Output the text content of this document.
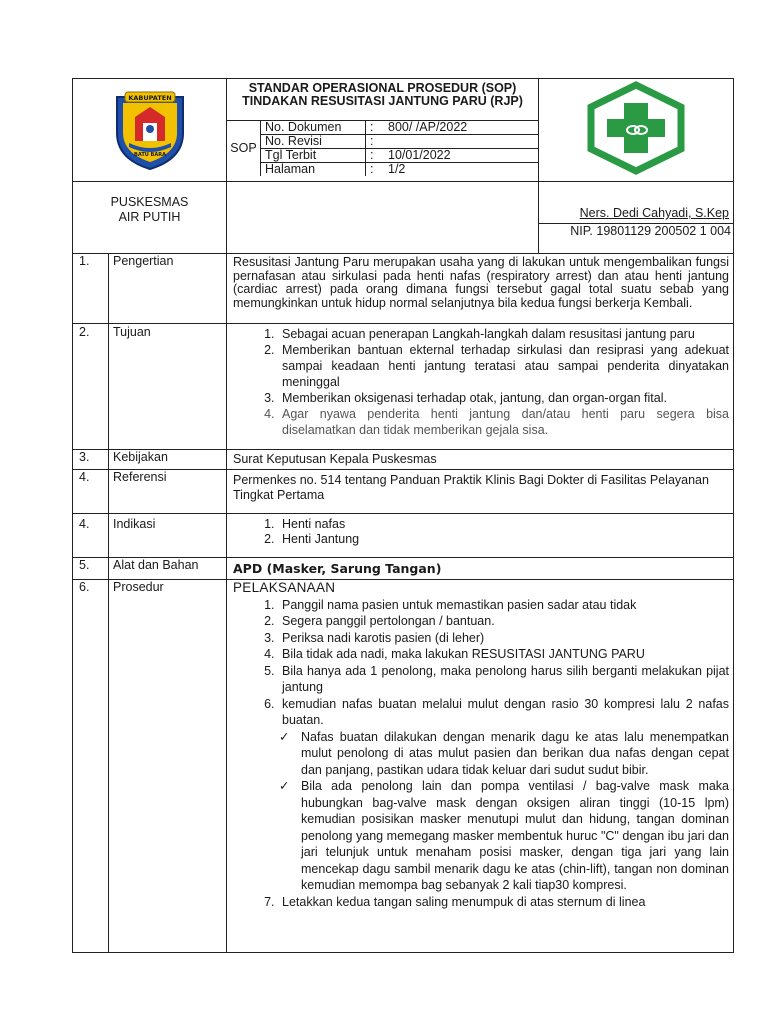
KABUPATEN
BATU BARA

STANDAR OPERASIONAL PROSEDUR (SOP) TINDAKAN RESUSITASI JANTUNG PARU (RJP)
SOP	
No. Dokumen	:	800/ /AP/2022
No. Revisi	:	
Tgl Terbit	:	10/01/2022
Halaman	:	1/2

PUSKESMAS
AIR PUTIH		Ners. Dedi Cahyadi, S.Kep
NIP. 19801129 200502 1 004

1.	Pengertian	Resusitasi Jantung Paru merupakan usaha yang di lakukan untuk mengembalikan fungsi pernafasan atau sirkulasi pada henti nafas (respiratory arrest) dan atau henti jantung (cardiac arrest) pada orang dimana fungsi tersebut gagal total suatu sebab yang memungkinkan untuk hidup normal selanjutnya bila kedua fungsi berkerja Kembali.
2.	Tujuan	
1.Sebagai acuan penerapan Langkah-langkah dalam resusitasi jantung paru
2. Memberikan bantuan ekternal terhadap sirkulasi dan resiprasi yang adekuat sampai keadaan henti jantung teratasi atau sampai penderita dinyatakan meninggal
3. Memberikan oksigenasi terhadap otak, jantung, dan organ-organ fital.
4. Agar nyawa penderita henti jantung dan/atau henti paru segera bisa diselamatkan dan tidak memberikan gejala sisa.

3.	Kebijakan	Surat Keputusan Kepala Puskesmas
4.	Referensi	Permenkes no. 514 tentang Panduan Praktik Klinis Bagi Dokter di Fasilitas Pelayanan Tingkat Pertama
4.	Indikasi	
1.Henti nafas
2. Henti Jantung

5.	Alat dan Bahan	APD (Masker, Sarung Tangan)
6.	Prosedur	PELAKSANAAN
1. Panggil nama pasien untuk memastikan pasien sadar atau tidak
2. Segera panggil pertolongan / bantuan.
3. Periksa nadi karotis pasien (di leher)
4. Bila tidak ada nadi, maka lakukan RESUSITASI JANTUNG PARU
5. Bila hanya ada 1 penolong, maka penolong harus silih berganti melakukan pijat jantung
6. kemudian nafas buatan melalui mulut dengan rasio 30 kompresi lalu 2 nafas buatan.
✓ Nafas buatan dilakukan dengan menarik dagu ke atas lalu menempatkan mulut penolong di atas mulut pasien dan berikan dua nafas dengan cepat dan panjang, pastikan udara tidak keluar dari sudut sudut bibir.
✓ Bila ada penolong lain dan pompa ventilasi / bag-valve mask maka hubungkan bag-valve mask dengan oksigen aliran tinggi (10-15 lpm) kemudian posisikan masker menutupi mulut dan hidung, tangan dominan penolong yang memegang masker membentuk huruc "C" dengan ibu jari dan jari telunjuk untuk menaham posisi masker, dengan tiga jari yang lain mencekap dagu sambil menarik dagu ke atas (chin-lift), tangan non dominan kemudian memompa bag sebanyak 2 kali tiap30 kompresi.
7. Letakkan kedua tangan saling menumpuk di atas sternum di linea
